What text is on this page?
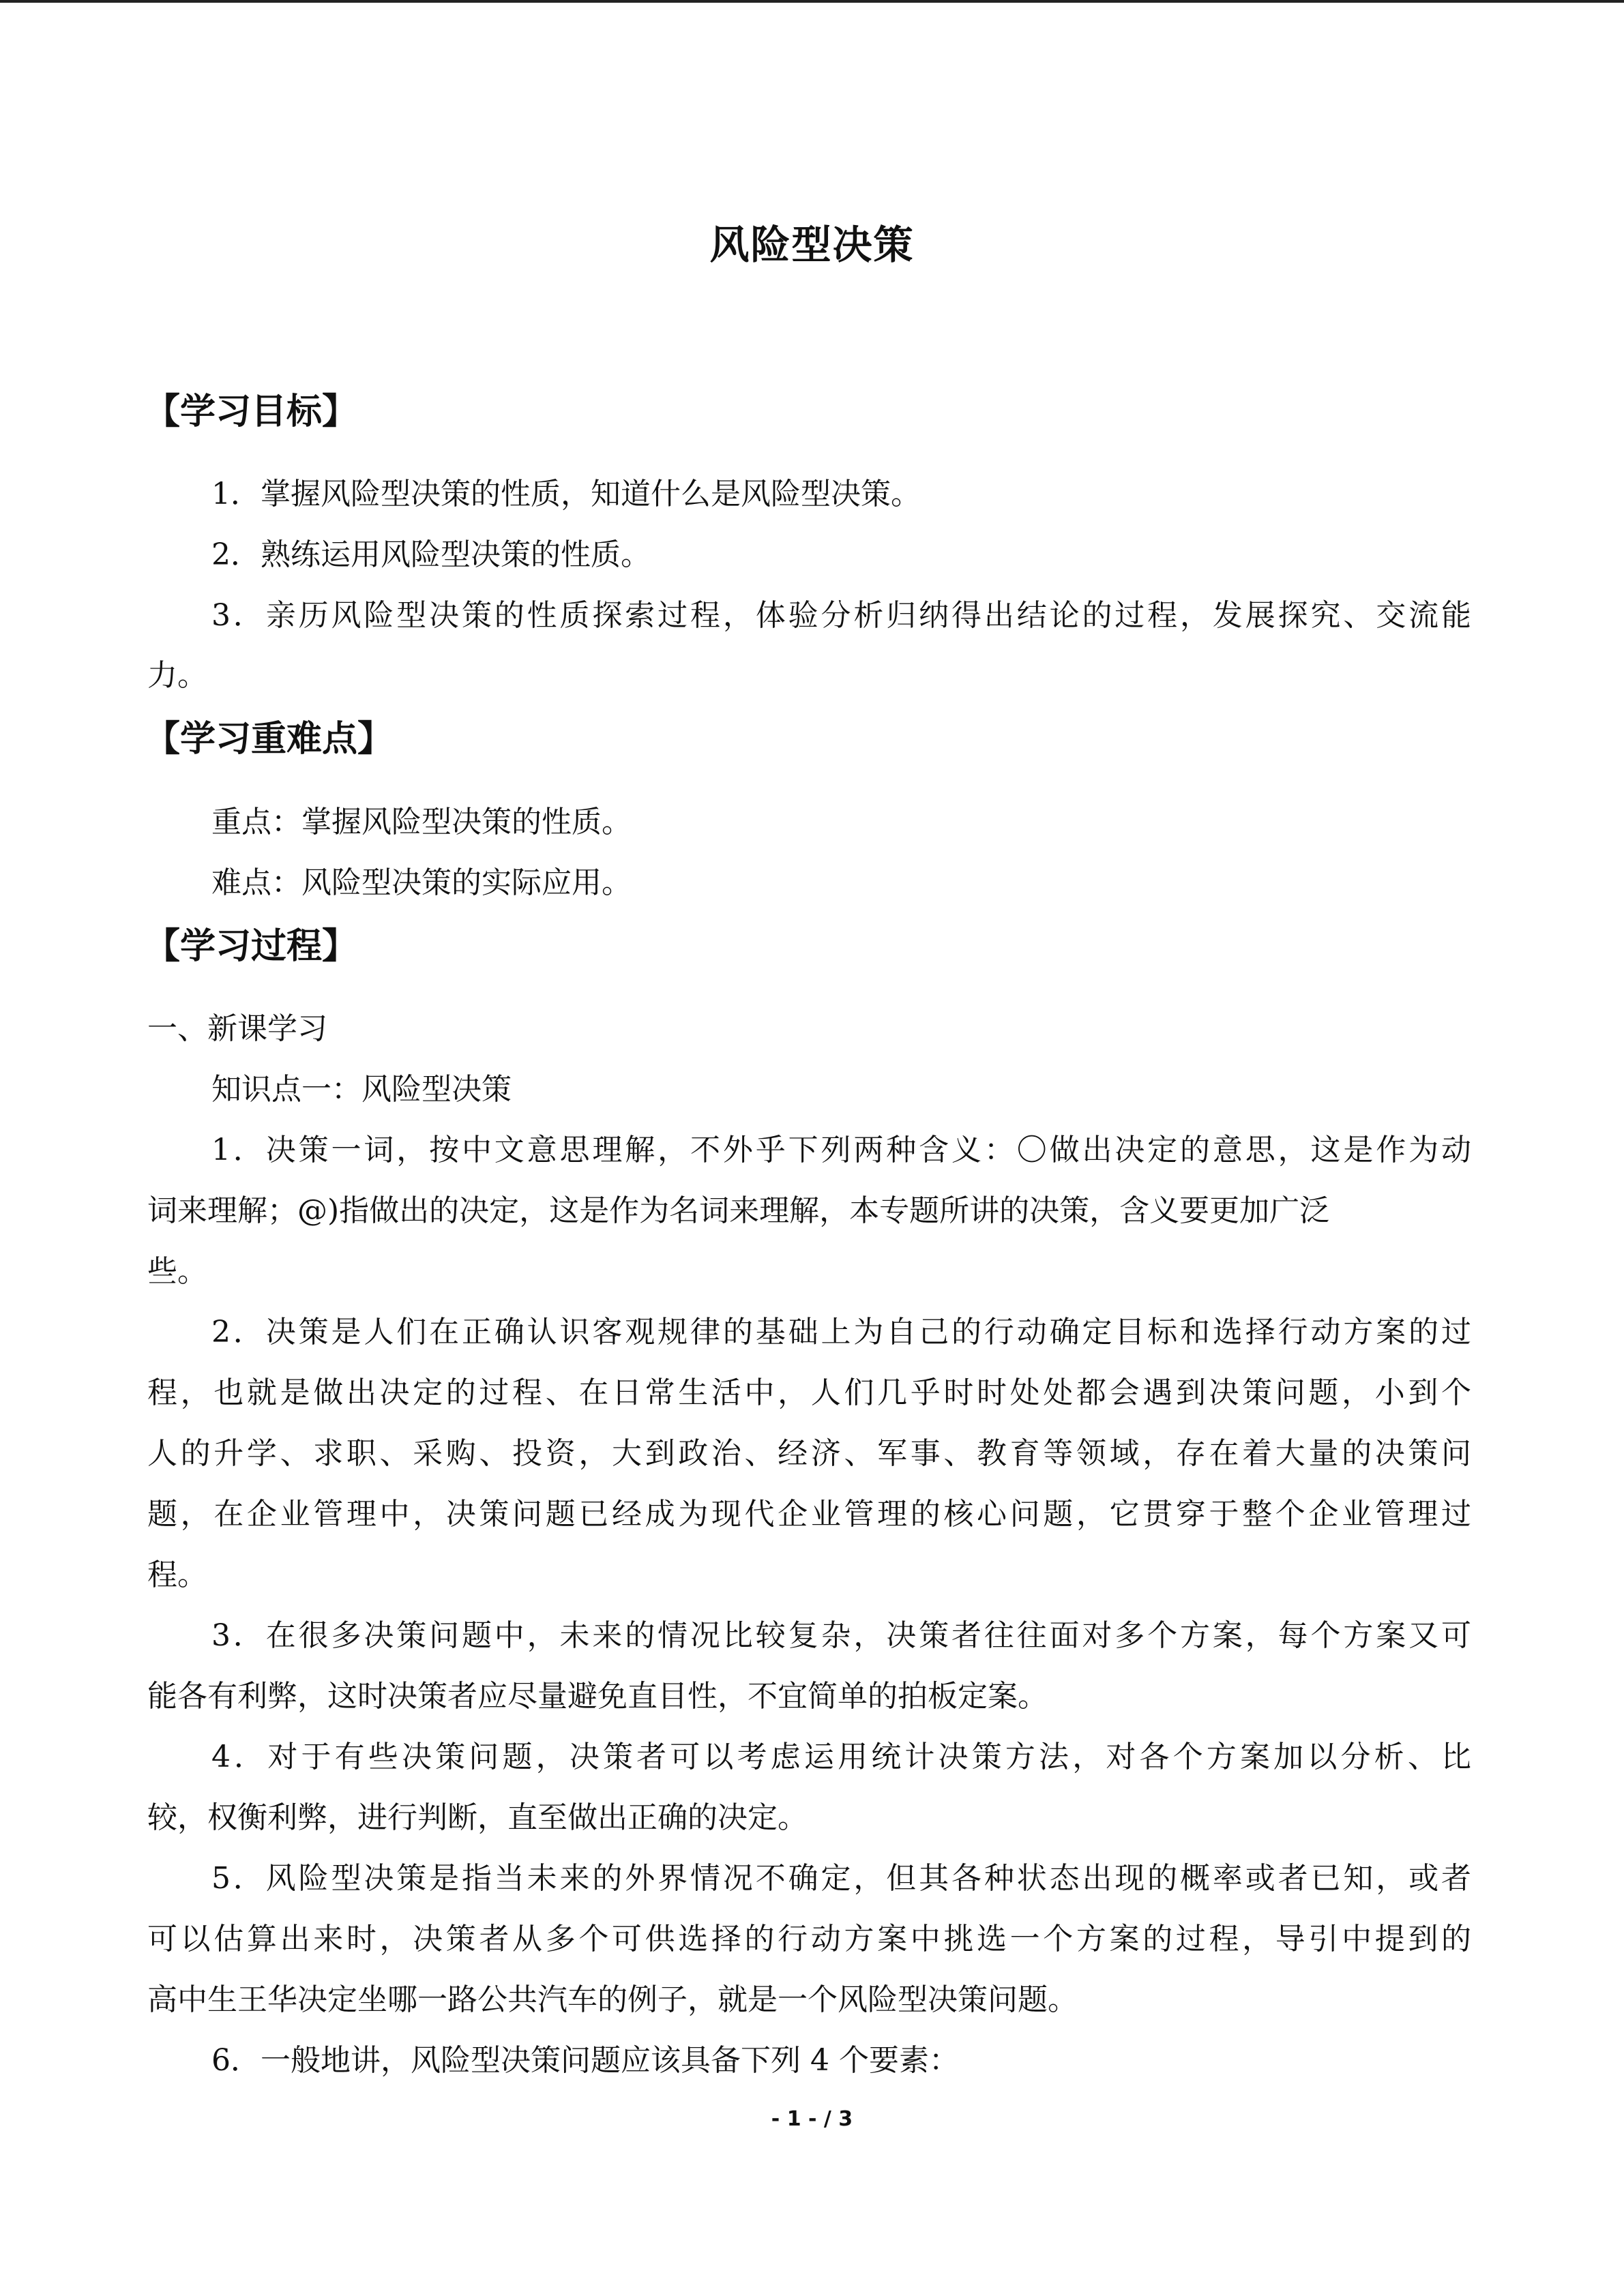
风险型决策
【学习目标】
1．掌握风险型决策的性质，知道什么是风险型决策。
2．熟练运用风险型决策的性质。
3．亲历风险型决策的性质探索过程，体验分析归纳得出结论的过程，发展探究、交流能
力。
【学习重难点】
重点：掌握风险型决策的性质。
难点：风险型决策的实际应用。
【学习过程】
一、新课学习
知识点一：风险型决策
1．决策一词，按中文意思理解，不外乎下列两种含义：〇做出决定的意思，这是作为动
词来理解；@)指做出的决定，这是作为名词来理解，本专题所讲的决策，含义要更加广泛
些。
2．决策是人们在正确认识客观规律的基础上为自己的行动确定目标和选择行动方案的过
程，也就是做出决定的过程、在日常生活中，人们几乎时时处处都会遇到决策问题，小到个
人的升学、求职、采购、投资，大到政治、经济、军事、教育等领域，存在着大量的决策问
题，在企业管理中，决策问题已经成为现代企业管理的核心问题，它贯穿于整个企业管理过
程。
3．在很多决策问题中，未来的情况比较复杂，决策者往往面对多个方案，每个方案又可
能各有利弊，这时决策者应尽量避免直目性，不宜简单的拍板定案。
4．对于有些决策问题，决策者可以考虑运用统计决策方法，对各个方案加以分析、比
较，权衡利弊，进行判断，直至做出正确的决定。
5．风险型决策是指当未来的外界情况不确定，但其各种状态出现的概率或者已知，或者
可以估算出来时，决策者从多个可供选择的行动方案中挑选一个方案的过程，导引中提到的
高中生王华决定坐哪一路公共汽车的例子，就是一个风险型决策问题。
6．一般地讲，风险型决策问题应该具备下列 4 个要素：
- 1 - / 3
